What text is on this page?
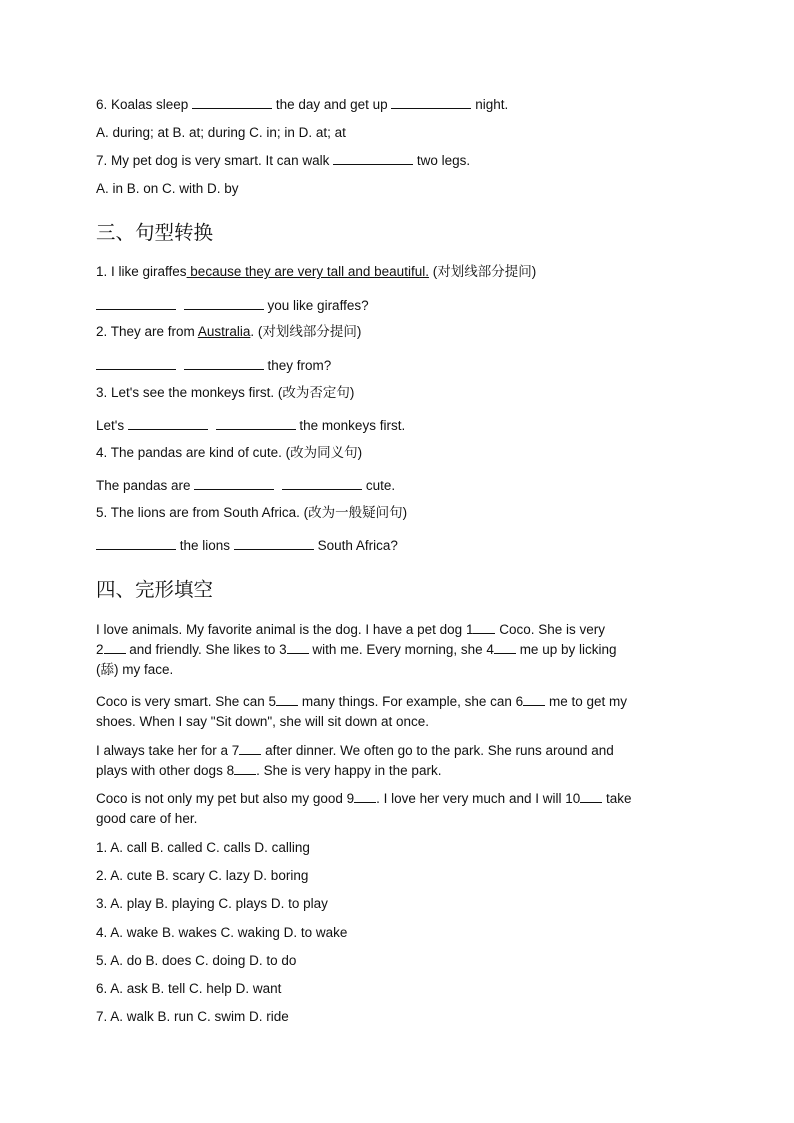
6. Koalas sleep	the day and get up	night.
A. during; at B. at; during C. in; in D. at; at
7. My pet dog is very smart. It can walk	two legs.
A. in B. on C. with D. by
三、句型转换
1. I like giraffes because they are very tall and beautiful. (对划线部分提问)
you like giraffes?
2. They are from Australia. (对划线部分提问)
they from?
3. Let's see the monkeys first. (改为否定句)
Let's	the monkeys first.
4. The pandas are kind of cute. (改为同义句)
The pandas are	cute.
5. The lions are from South Africa. (改为一般疑问句)
the lions	South Africa?
四、完形填空
I love animals. My favorite animal is the dog. I have a pet dog 1 Coco. She is very
2 and friendly. She likes to 3 with me. Every morning, she 4 me up by licking
(舔) my face.
Coco is very smart. She can 5 many things. For example, she can 6 me to get my
shoes. When I say "Sit down", she will sit down at once.
I always take her for a 7 after dinner. We often go to the park. She runs around and
plays with other dogs 8 . She is very happy in the park.
Coco is not only my pet but also my good 9 . I love her very much and I will 10 take
good care of her.
1. A. call B. called C. calls D. calling
2. A. cute B. scary C. lazy D. boring
3. A. play B. playing C. plays D. to play
4. A. wake B. wakes C. waking D. to wake
5. A. do B. does C. doing D. to do
6. A. ask B. tell C. help D. want
7. A. walk B. run C. swim D. ride
